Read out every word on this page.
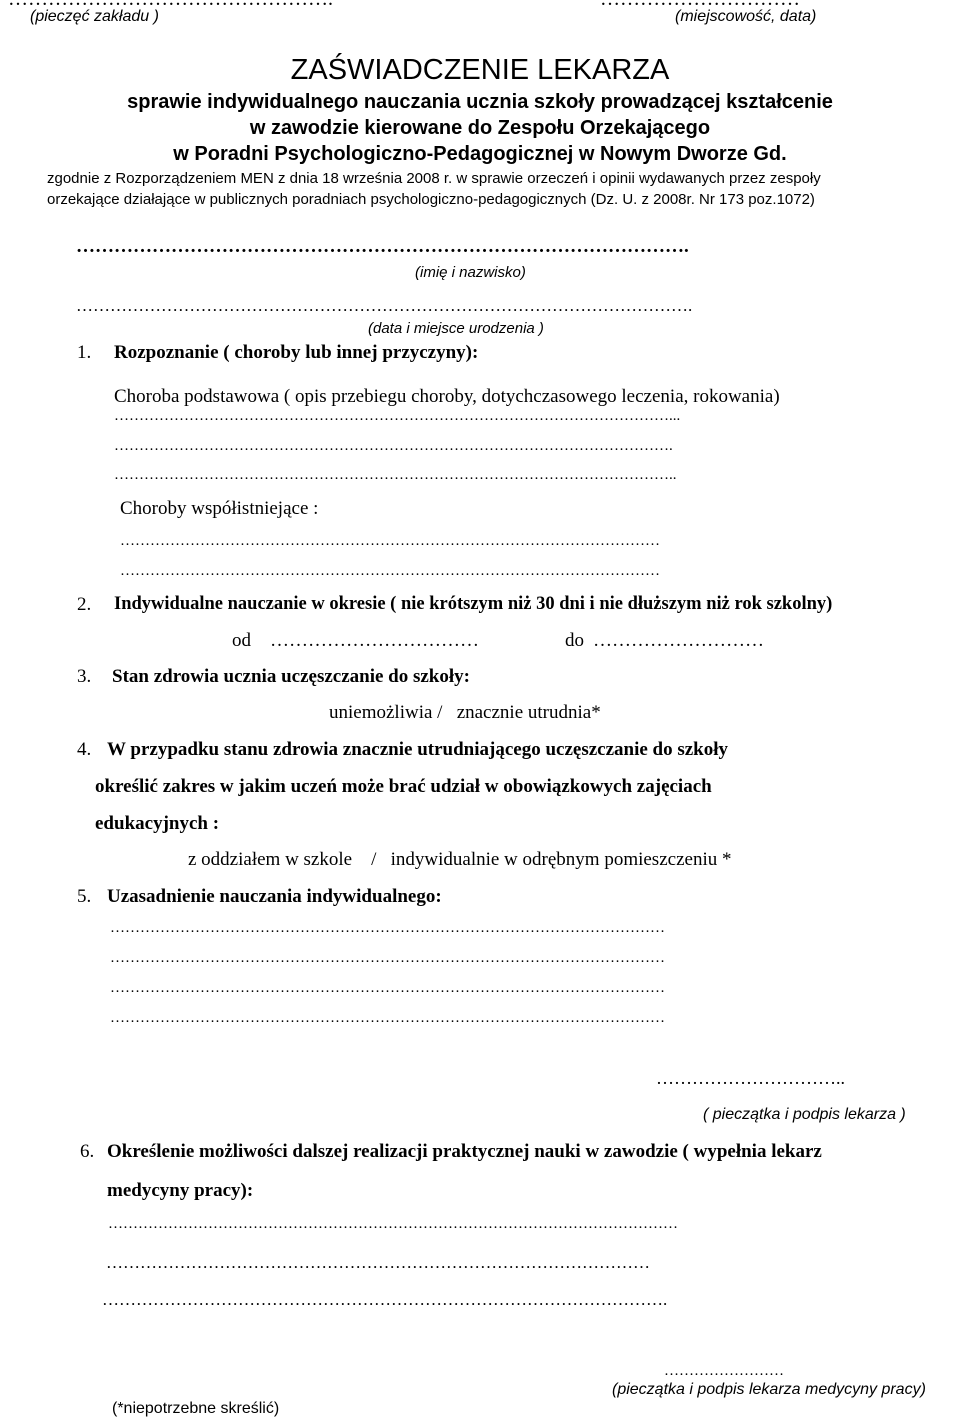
(pieczęć zakładu )	(miejscowość, data)
ZAŚWIADCZENIE LEKARZA
sprawie indywidualnego nauczania ucznia szkoły prowadzącej kształcenie
w zawodzie kierowane do Zespołu Orzekającego
w Poradni Psychologiczno-Pedagogicznej w Nowym Dworze Gd.
zgodnie z Rozporządzeniem MEN z dnia 18 września 2008 r. w sprawie orzeczeń i opinii wydawanych przez zespoły
orzekające działające w publicznych poradniach psychologiczno-pedagogicznych (Dz. U. z 2008r. Nr 173 poz.1072)
…………………………………………………………………………………….
(imię i nazwisko)
……………………………………………………………………………………………….
(data i miejsce urodzenia )
1. Rozpoznanie ( choroby lub innej przyczyny):
Choroba podstawowa ( opis przebiegu choroby, dotychczasowego leczenia, rokowania)
…………………………………………………………………………………………………...
………………………………………………………………………………………………….
…………………………………………………………………………………………………..
Choroby współistniejące :
………………………………………………………………………………………………
………………………………………………………………………………………………
2. Indywidualne nauczanie w okresie ( nie krótszym niż 30 dni i nie dłuższym niż rok szkolny)
od ……………………………	do ………………………
3. Stan zdrowia ucznia uczęszczanie do szkoły:
uniemożliwia /   znacznie utrudnia*
4. W przypadku stanu zdrowia znacznie utrudniającego uczęszczanie do szkoły
określić zakres w jakim uczeń może brać udział w obowiązkowych zajęciach
edukacyjnych :
z oddziałem w szkole    /   indywidualnie w odrębnym pomieszczeniu *
5. Uzasadnienie nauczania indywidualnego:
…………………………………………………………………………………………………
…………………………………………………………………………………………………
…………………………………………………………………………………………………
…………………………………………………………………………………………………
…………………………..
( pieczątka i podpis lekarza )
6. Określenie możliwości dalszej realizacji praktycznej nauki w zawodzie ( wypełnia lekarz
medycyny pracy):
……………………………………………………………………………………………………
……………………………………………………………………………………
……………………………………………………………………………………….
……………………
(pieczątka i podpis lekarza medycyny pracy)
(*niepotrzebne skreślić)
